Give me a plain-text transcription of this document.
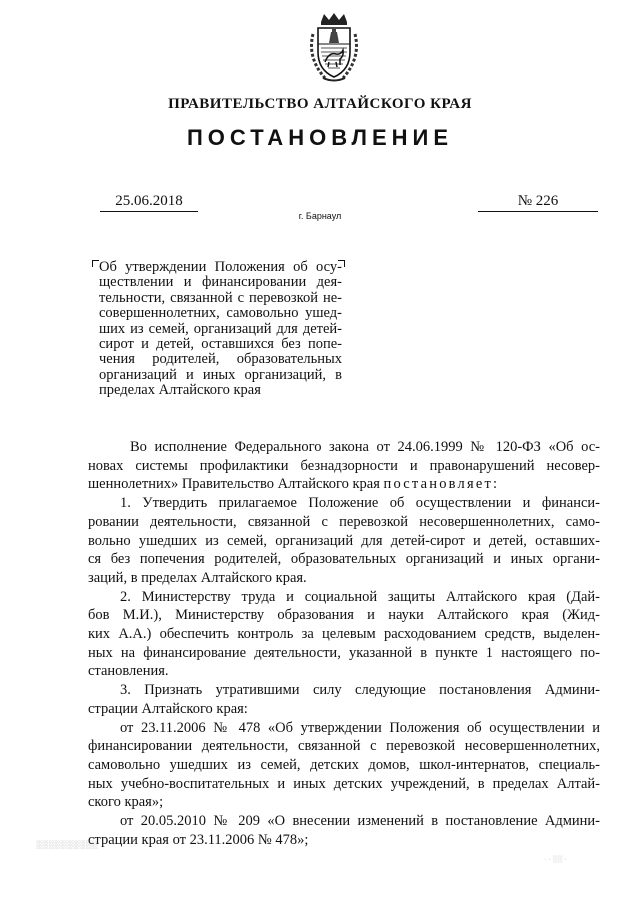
ПРАВИТЕЛЬСТВО АЛТАЙСКОГО КРАЯ
ПОСТАНОВЛЕНИЕ
25.06.2018	№ 226
г. Барнаул
Об утверждении Положения об осу-
ществлении и финансировании дея-
тельности, связанной с перевозкой не-
совершеннолетних, самовольно ушед-
ших из семей, организаций для детей-
сирот и детей, оставшихся без попе-
чения родителей, образовательных
организаций и иных организаций, в
пределах Алтайского края
Во исполнение Федерального закона от 24.06.1999 № 120-ФЗ «Об ос-
новах системы профилактики безнадзорности и правонарушений несовер-
шеннолетних» Правительство Алтайского края постановляет:
1. Утвердить прилагаемое Положение об осуществлении и финанси-
ровании деятельности, связанной с перевозкой несовершеннолетних, само-
вольно ушедших из семей, организаций для детей-сирот и детей, оставших-
ся без попечения родителей, образовательных организаций и иных органи-
заций, в пределах Алтайского края.
2. Министерству труда и социальной защиты Алтайского края (Дай-
бов М.И.), Министерству образования и науки Алтайского края (Жид-
ких А.А.) обеспечить контроль за целевым расходованием средств, выделен-
ных на финансирование деятельности, указанной в пункте 1 настоящего по-
становления.
3. Признать утратившими силу следующие постановления Админи-
страции Алтайского края:
от 23.11.2006 № 478 «Об утверждении Положения об осуществлении и
финансировании деятельности, связанной с перевозкой несовершеннолетних,
самовольно ушедших из семей, детских домов, школ-интернатов, специаль-
ных учебно-воспитательных и иных детских учреждений, в пределах Алтай-
ского края»;
от 20.05.2010 № 209 «О внесении изменений в постановление Админи-
страции края от 23.11.2006 № 478»;
░░░░░░░░░░
· · ░░ ·
